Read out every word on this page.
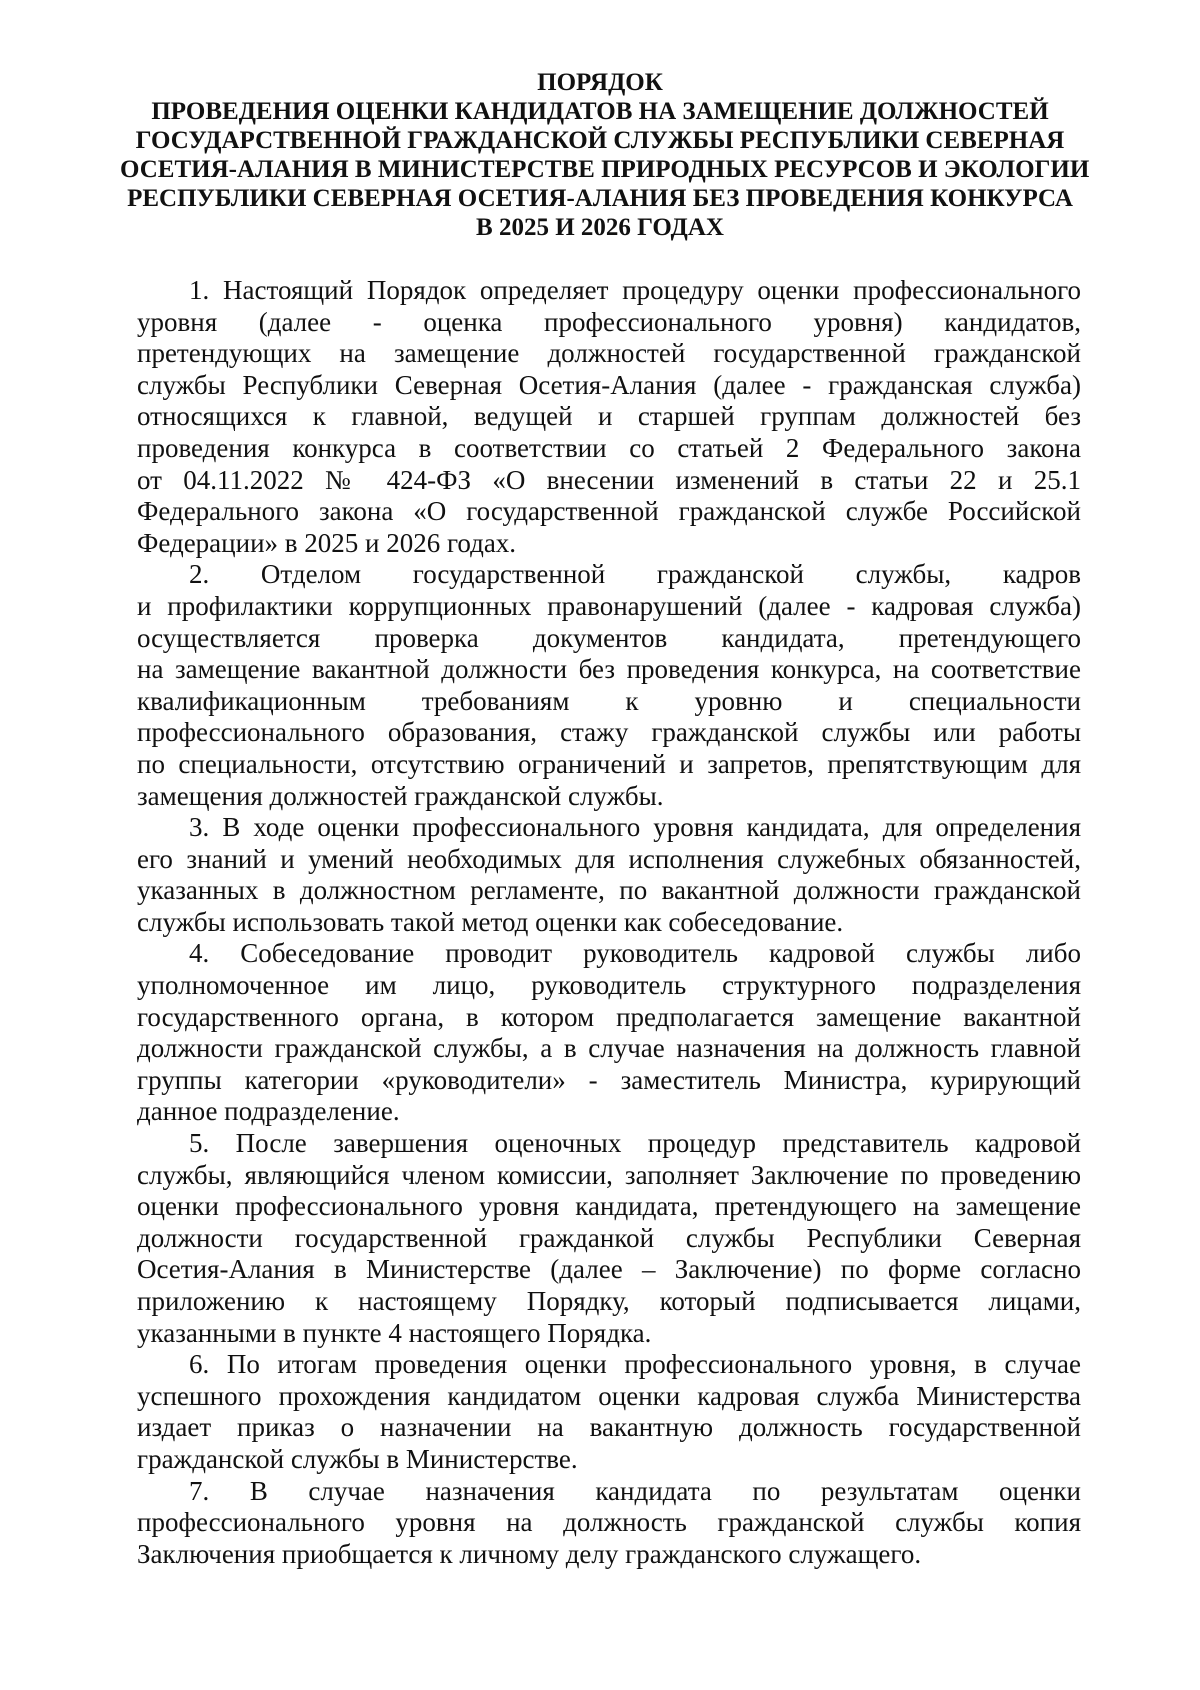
ПОРЯДОК
ПРОВЕДЕНИЯ ОЦЕНКИ КАНДИДАТОВ НА ЗАМЕЩЕНИЕ ДОЛЖНОСТЕЙ
ГОСУДАРСТВЕННОЙ ГРАЖДАНСКОЙ СЛУЖБЫ РЕСПУБЛИКИ СЕВЕРНАЯ
ОСЕТИЯ-АЛАНИЯ В МИНИСТЕРСТВЕ ПРИРОДНЫХ РЕСУРСОВ И ЭКОЛОГИИ
РЕСПУБЛИКИ СЕВЕРНАЯ ОСЕТИЯ-АЛАНИЯ БЕЗ ПРОВЕДЕНИЯ КОНКУРСА
В 2025 И 2026 ГОДАХ
1. Настоящий Порядок определяет процедуру оценки профессионального
уровня (далее - оценка профессионального уровня) кандидатов,
претендующих на замещение должностей государственной гражданской
службы Республики Северная Осетия-Алания (далее - гражданская служба)
относящихся к главной, ведущей и старшей группам должностей без
проведения конкурса в соответствии со статьей 2 Федерального закона
от 04.11.2022 № 424-ФЗ «О внесении изменений в статьи 22 и 25.1
Федерального закона «О государственной гражданской службе Российской
Федерации» в 2025 и 2026 годах.
2. Отделом государственной гражданской службы, кадров
и профилактики коррупционных правонарушений (далее - кадровая служба)
осуществляется проверка документов кандидата, претендующего
на замещение вакантной должности без проведения конкурса, на соответствие
квалификационным требованиям к уровню и специальности
профессионального образования, стажу гражданской службы или работы
по специальности, отсутствию ограничений и запретов, препятствующим для
замещения должностей гражданской службы.
3. В ходе оценки профессионального уровня кандидата, для определения
его знаний и умений необходимых для исполнения служебных обязанностей,
указанных в должностном регламенте, по вакантной должности гражданской
службы использовать такой метод оценки как собеседование.
4. Собеседование проводит руководитель кадровой службы либо
уполномоченное им лицо, руководитель структурного подразделения
государственного органа, в котором предполагается замещение вакантной
должности гражданской службы, а в случае назначения на должность главной
группы категории «руководители» - заместитель Министра, курирующий
данное подразделение.
5. После завершения оценочных процедур представитель кадровой
службы, являющийся членом комиссии, заполняет Заключение по проведению
оценки профессионального уровня кандидата, претендующего на замещение
должности государственной гражданкой службы Республики Северная
Осетия-Алания в Министерстве (далее – Заключение) по форме согласно
приложению к настоящему Порядку, который подписывается лицами,
указанными в пункте 4 настоящего Порядка.
6. По итогам проведения оценки профессионального уровня, в случае
успешного прохождения кандидатом оценки кадровая служба Министерства
издает приказ о назначении на вакантную должность государственной
гражданской службы в Министерстве.
7. В случае назначения кандидата по результатам оценки
профессионального уровня на должность гражданской службы копия
Заключения приобщается к личному делу гражданского служащего.
